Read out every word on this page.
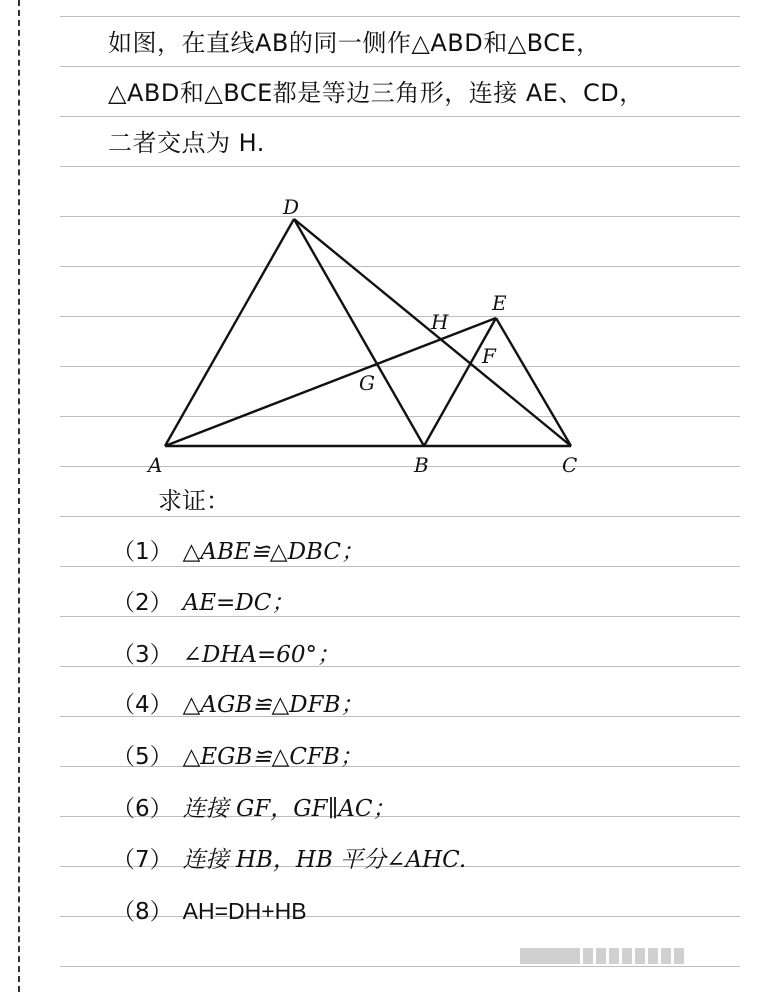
如图，在直线AB的同一侧作△ABD和△BCE，
△ABD和△BCE都是等边三角形，连接 AE、CD，
二者交点为 H.
D
A	B	C
E
F
G
H
求证：
（1） △ABE≌△DBC；
（2） AE=DC；
（3） ∠DHA=60°；
（4） △AGB≌△DFB；
（5） △EGB≌△CFB；
（6） 连接 GF，GF∥AC；
（7） 连接 HB，HB 平分∠AHC.
（8） AH=DH+HB
